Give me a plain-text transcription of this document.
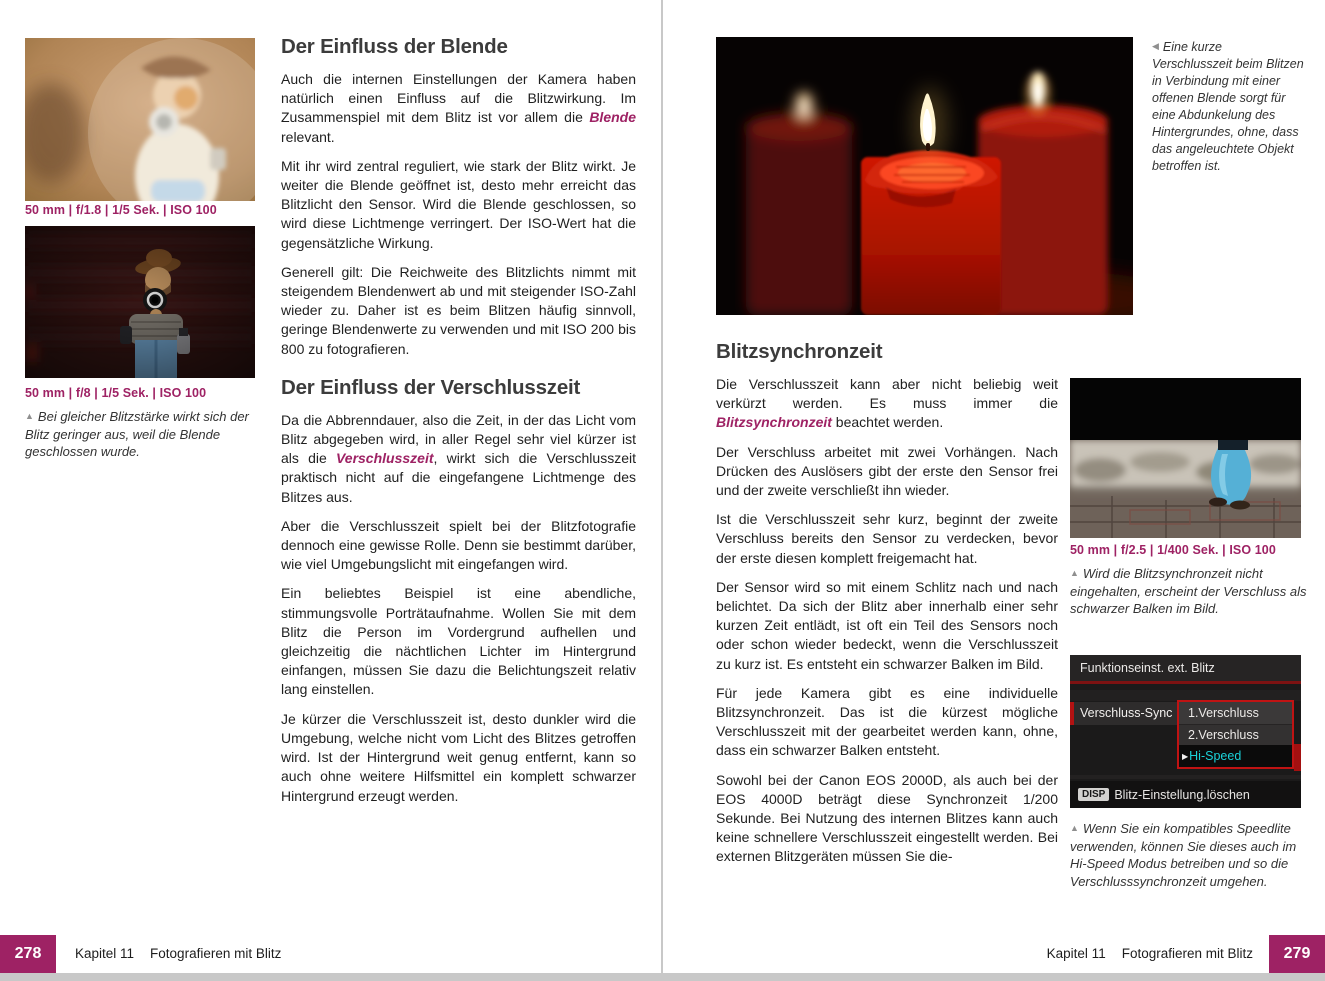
50 mm | f/1.8 | 1/5 Sek. | ISO 100
50 mm | f/8 | 1/5 Sek. | ISO 100
▲ Bei gleicher Blitzstärke wirkt sich der Blitz geringer aus, weil die Blende geschlossen wurde.
Der Einfluss der Blende

Auch die internen Einstellungen der Kamera haben natürlich einen Einfluss auf die Blitzwirkung. Im Zusammenspiel mit dem Blitz ist vor allem die Blende relevant.

Mit ihr wird zentral reguliert, wie stark der Blitz wirkt. Je weiter die Blende geöffnet ist, desto mehr erreicht das Blitzlicht den Sensor. Wird die Blende geschlossen, so wird diese Lichtmenge verringert. Der ISO-Wert hat die gegensätzliche Wirkung.

Generell gilt: Die Reichweite des Blitzlichts nimmt mit steigendem Blendenwert ab und mit steigender ISO-Zahl wieder zu. Daher ist es beim Blitzen häufig sinnvoll, geringe Blendenwerte zu verwenden und mit ISO 200 bis 800 zu fotografieren.

Der Einfluss der Verschlusszeit

Da die Abbrenndauer, also die Zeit, in der das Licht vom Blitz abgegeben wird, in aller Regel sehr viel kürzer ist als die Verschlusszeit, wirkt sich die Verschlusszeit praktisch nicht auf die eingefangene Lichtmenge des Blitzes aus.

Aber die Verschlusszeit spielt bei der Blitzfotografie dennoch eine gewisse Rolle. Denn sie bestimmt darüber, wie viel Umgebungslicht mit eingefangen wird.

Ein beliebtes Beispiel ist eine abendliche, stimmungsvolle Porträtaufnahme. Wollen Sie mit dem Blitz die Person im Vordergrund aufhellen und gleichzeitig die nächtlichen Lichter im Hintergrund einfangen, müssen Sie dazu die Belichtungszeit relativ lang einstellen.

Je kürzer die Verschlusszeit ist, desto dunkler wird die Umgebung, welche nicht vom Licht des Blitzes getroffen wird. Ist der Hintergrund weit genug entfernt, kann so auch ohne weitere Hilfsmittel ein komplett schwarzer Hintergrund erzeugt werden.

◀ Eine kurze Verschlusszeit beim Blitzen in Verbindung mit einer offenen Blende sorgt für eine Abdunkelung des Hintergrundes, ohne, dass das angeleuchtete Objekt betroffen ist.
Blitzsynchronzeit

Die Verschlusszeit kann aber nicht beliebig weit verkürzt werden. Es muss immer die Blitzsynchronzeit beachtet werden.

Der Verschluss arbeitet mit zwei Vorhängen. Nach Drücken des Auslösers gibt der erste den Sensor frei und der zweite verschließt ihn wieder.

Ist die Verschlusszeit sehr kurz, beginnt der zweite Verschluss bereits den Sensor zu verdecken, bevor der erste diesen komplett freigemacht hat.

Der Sensor wird so mit einem Schlitz nach und nach belichtet. Da sich der Blitz aber innerhalb einer sehr kurzen Zeit entlädt, ist oft ein Teil des Sensors noch oder schon wieder bedeckt, wenn die Verschlusszeit zu kurz ist. Es entsteht ein schwarzer Balken im Bild.

Für jede Kamera gibt es eine individuelle Blitzsynchronzeit. Das ist die kürzest mögliche Verschlusszeit mit der gearbeitet werden kann, ohne, dass ein schwarzer Balken entsteht.

Sowohl bei der Canon EOS 2000D, als auch bei der EOS 4000D beträgt diese Synchronzeit 1/200 Sekunde. Bei Nutzung des internen Blitzes kann auch keine schnellere Verschlusszeit eingestellt werden. Bei externen Blitzgeräten müssen Sie die-

50 mm | f/2.5 | 1/400 Sek. | ISO 100
▲ Wird die Blitzsynchronzeit nicht eingehalten, erscheint der Verschluss als schwarzer Balken im Bild.
Funktionseinst. ext. Blitz
Verschluss-Sync	1.Verschluss
2.Verschluss
▶Hi-Speed
DISP Blitz-Einstellung.löschen
▲ Wenn Sie ein kompatibles Speedlite verwenden, können Sie dieses auch im Hi-Speed Modus betreiben und so die Verschlusssynchronzeit umgehen.
278	Kapitel 11 Fotografieren mit Blitz	Kapitel 11 Fotografieren mit Blitz	279
